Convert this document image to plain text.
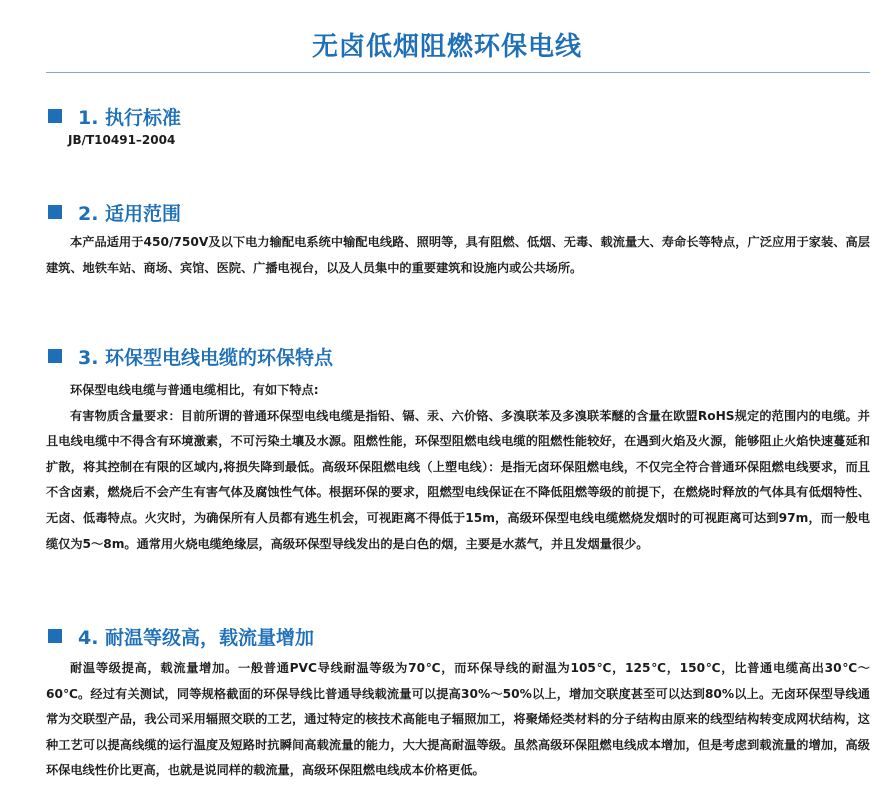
无卤低烟阻燃环保电线
1. 执行标准
JB/T10491–2004
2. 适用范围

本产品适用于450/750V及以下电力输配电系统中输配电线路、照明等，具有阻燃、低烟、无毒、载流量大、寿命长等特点，广泛应用于家装、高层建筑、地铁车站、商场、宾馆、医院、广播电视台，以及人员集中的重要建筑和设施内或公共场所。

3. 环保型电线电缆的环保特点

环保型电线电缆与普通电缆相比，有如下特点:

有害物质含量要求：目前所谓的普通环保型电线电缆是指铅、镉、汞、六价铬、多溴联苯及多溴联苯醚的含量在欧盟RoHS规定的范围内的电缆。并且电线电缆中不得含有环境激素，不可污染土壤及水源。阻燃性能，环保型阻燃电线电缆的阻燃性能较好，在遇到火焰及火源，能够阻止火焰快速蔓延和扩散，将其控制在有限的区域内,将损失降到最低。高级环保阻燃电线（上塑电线）：是指无卤环保阻燃电线，不仅完全符合普通环保阻燃电线要求，而且不含卤素，燃烧后不会产生有害气体及腐蚀性气体。根据环保的要求，阻燃型电线保证在不降低阻燃等级的前提下，在燃烧时释放的气体具有低烟特性、无卤、低毒特点。火灾时，为确保所有人员都有逃生机会，可视距离不得低于15m，高级环保型电线电缆燃烧发烟时的可视距离可达到97m，而一般电缆仅为5～8m。通常用火烧电缆绝缘层，高级环保型导线发出的是白色的烟，主要是水蒸气，并且发烟量很少。

4. 耐温等级高，载流量增加

耐温等级提高，载流量增加。一般普通PVC导线耐温等级为70℃，而环保导线的耐温为105℃，125℃，150℃，比普通电缆高出30℃～60℃。经过有关测试，同等规格截面的环保导线比普通导线载流量可以提高30%～50%以上，增加交联度甚至可以达到80%以上。无卤环保型导线通常为交联型产品，我公司采用辐照交联的工艺，通过特定的核技术高能电子辐照加工，将聚烯烃类材料的分子结构由原来的线型结构转变成网状结构，这种工艺可以提高线缆的运行温度及短路时抗瞬间高载流量的能力，大大提高耐温等级。虽然高级环保阻燃电线成本增加，但是考虑到载流量的增加，高级环保电线性价比更高，也就是说同样的载流量，高级环保阻燃电线成本价格更低。
